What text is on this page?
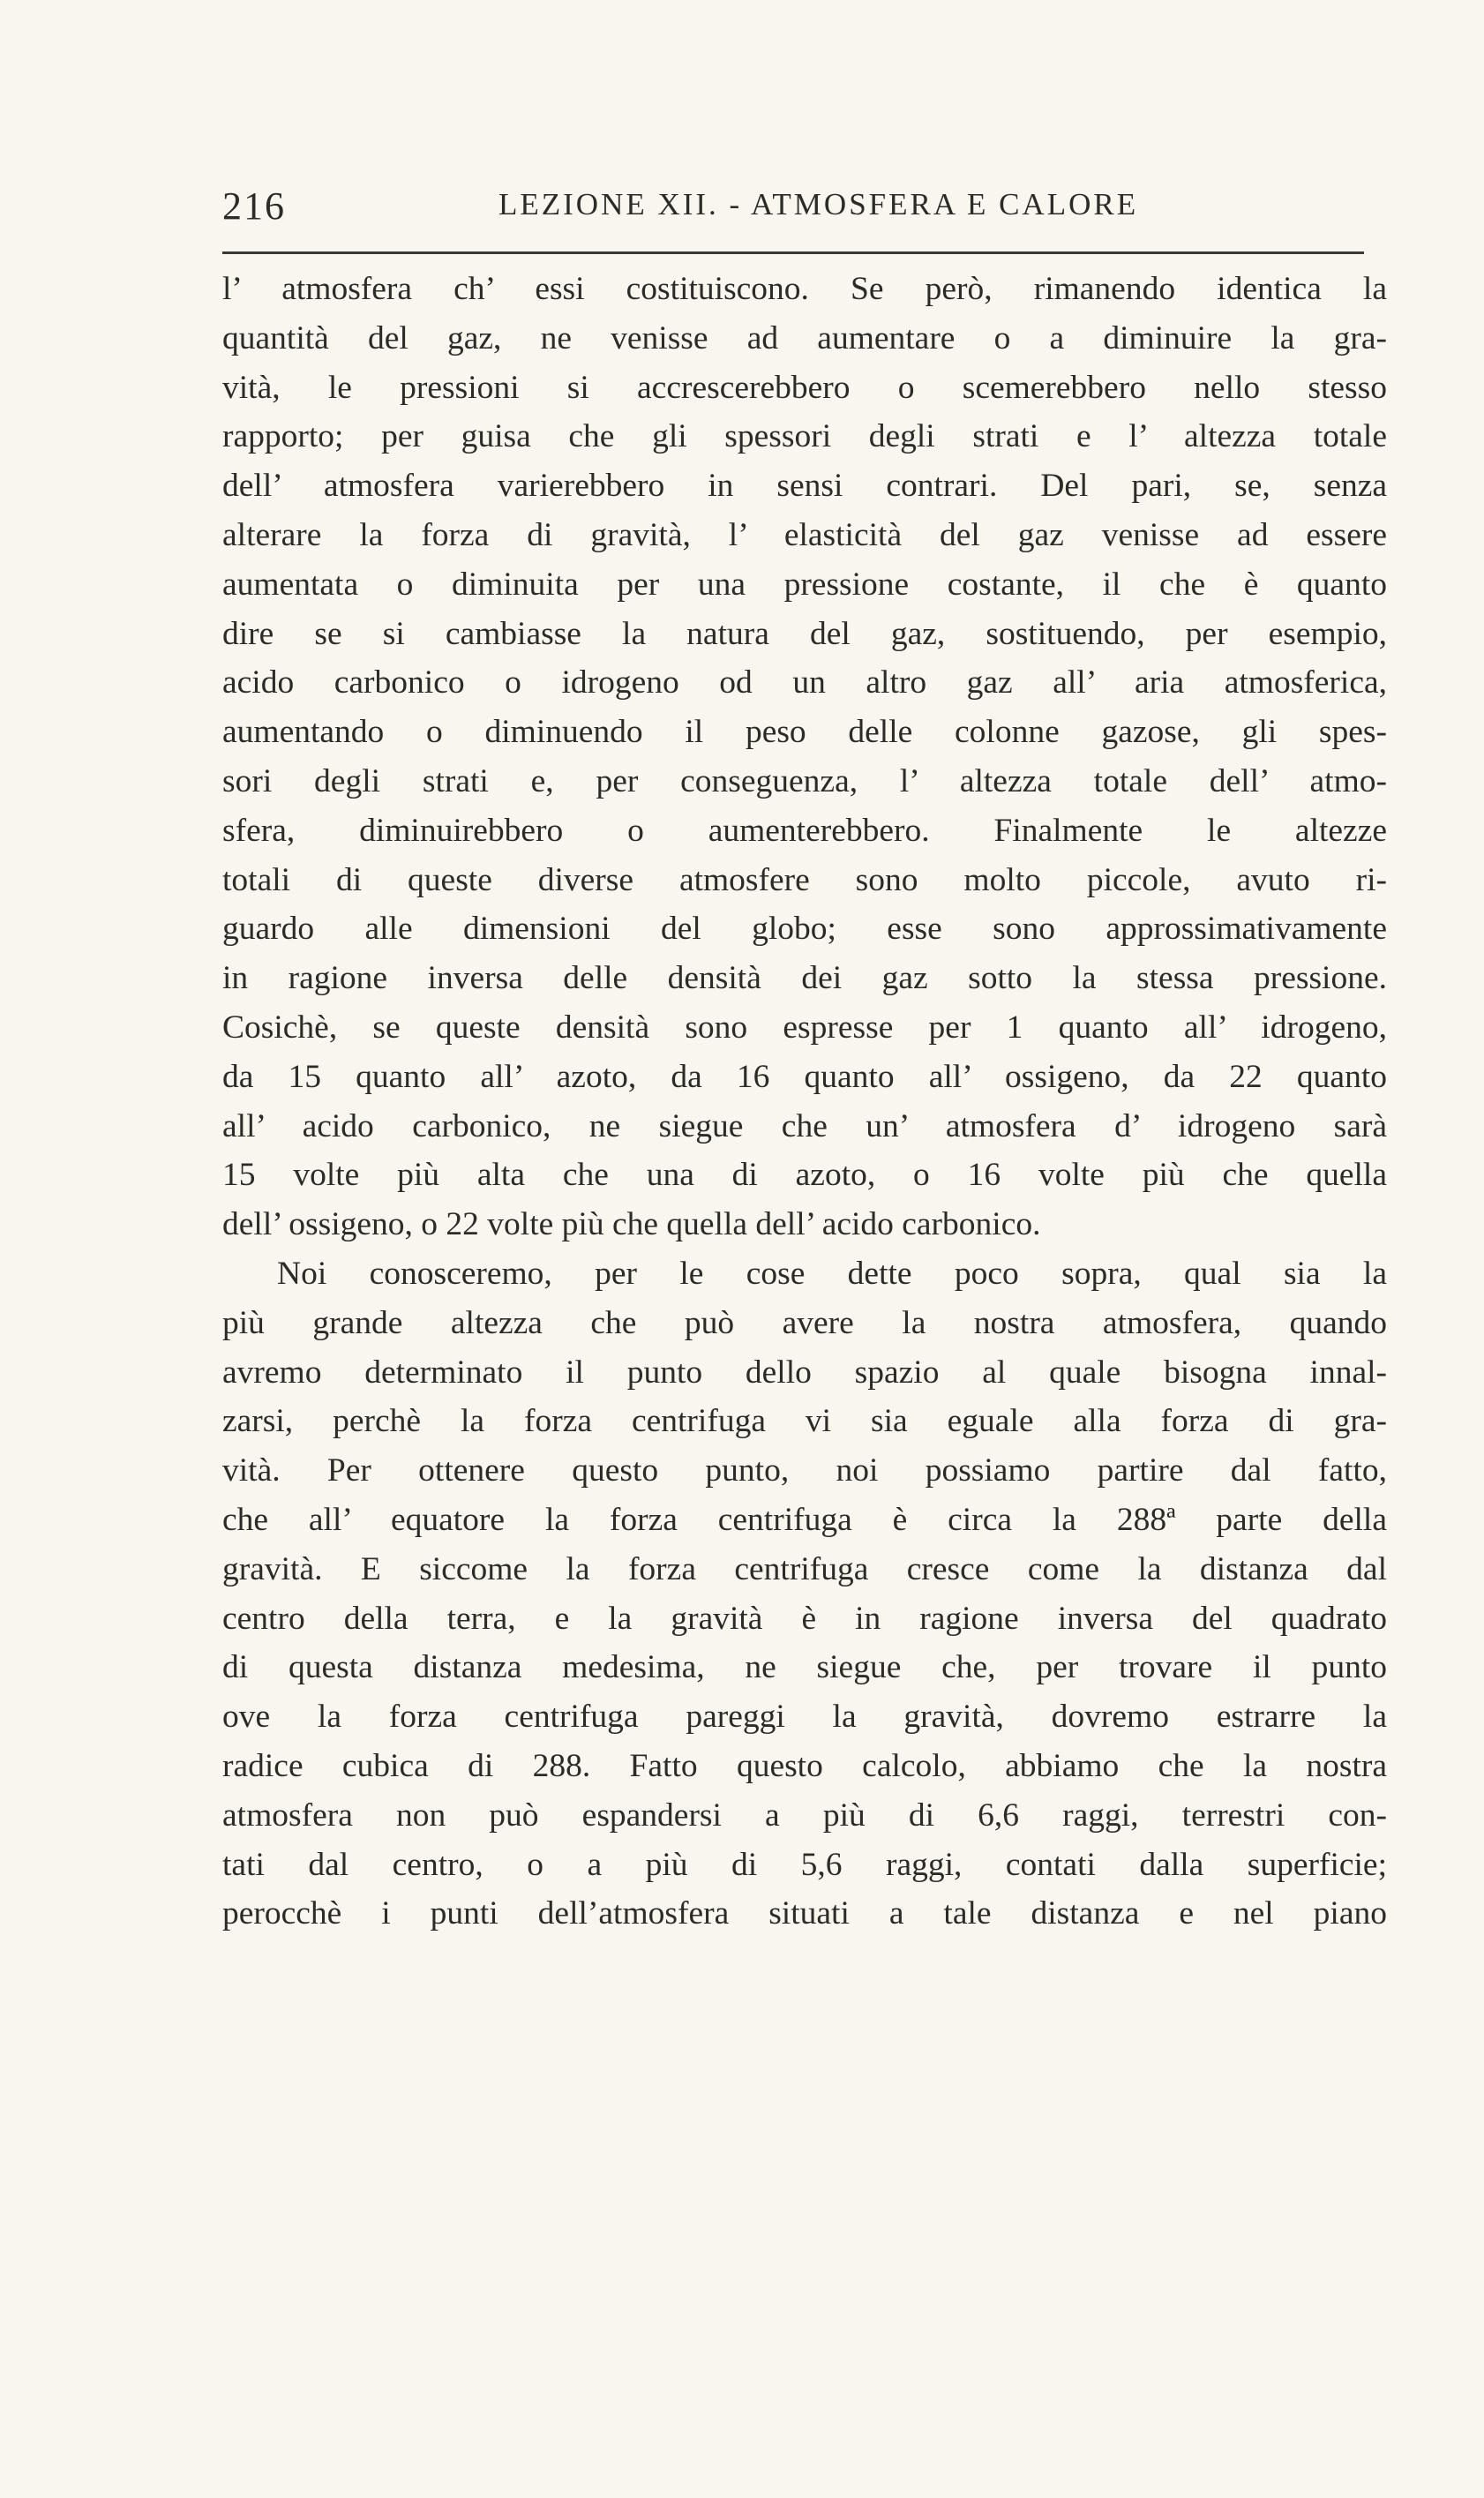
216	LEZIONE XII. - ATMOSFERA E CALORE
l’ atmosfera ch’ essi costituiscono. Se però, rimanendo identica la
quantità del gaz, ne venisse ad aumentare o a diminuire la gra-
vità, le pressioni si accrescerebbero o scemerebbero nello stesso
rapporto; per guisa che gli spessori degli strati e l’ altezza totale
dell’ atmosfera varierebbero in sensi contrari. Del pari, se, senza
alterare la forza di gravità, l’ elasticità del gaz venisse ad essere
aumentata o diminuita per una pressione costante, il che è quanto
dire se si cambiasse la natura del gaz, sostituendo, per esempio,
acido carbonico o idrogeno od un altro gaz all’ aria atmosferica,
aumentando o diminuendo il peso delle colonne gazose, gli spes-
sori degli strati e, per conseguenza, l’ altezza totale dell’ atmo-
sfera, diminuirebbero o aumenterebbero. Finalmente le altezze
totali di queste diverse atmosfere sono molto piccole, avuto ri-
guardo alle dimensioni del globo; esse sono approssimativamente
in ragione inversa delle densità dei gaz sotto la stessa pressione.
Cosichè, se queste densità sono espresse per 1 quanto all’ idrogeno,
da 15 quanto all’ azoto, da 16 quanto all’ ossigeno, da 22 quanto
all’ acido carbonico, ne siegue che un’ atmosfera d’ idrogeno sarà
15 volte più alta che una di azoto, o 16 volte più che quella
dell’ ossigeno, o 22 volte più che quella dell’ acido carbonico.
Noi conosceremo, per le cose dette poco sopra, qual sia la
più grande altezza che può avere la nostra atmosfera, quando
avremo determinato il punto dello spazio al quale bisogna innal-
zarsi, perchè la forza centrifuga vi sia eguale alla forza di gra-
vità. Per ottenere questo punto, noi possiamo partire dal fatto,
che all’ equatore la forza centrifuga è circa la 288ª parte della
gravità. E siccome la forza centrifuga cresce come la distanza dal
centro della terra, e la gravità è in ragione inversa del quadrato
di questa distanza medesima, ne siegue che, per trovare il punto
ove la forza centrifuga pareggi la gravità, dovremo estrarre la
radice cubica di 288. Fatto questo calcolo, abbiamo che la nostra
atmosfera non può espandersi a più di 6,6 raggi, terrestri con-
tati dal centro, o a più di 5,6 raggi, contati dalla superficie;
perocchè i punti dell’atmosfera situati a tale distanza e nel piano
